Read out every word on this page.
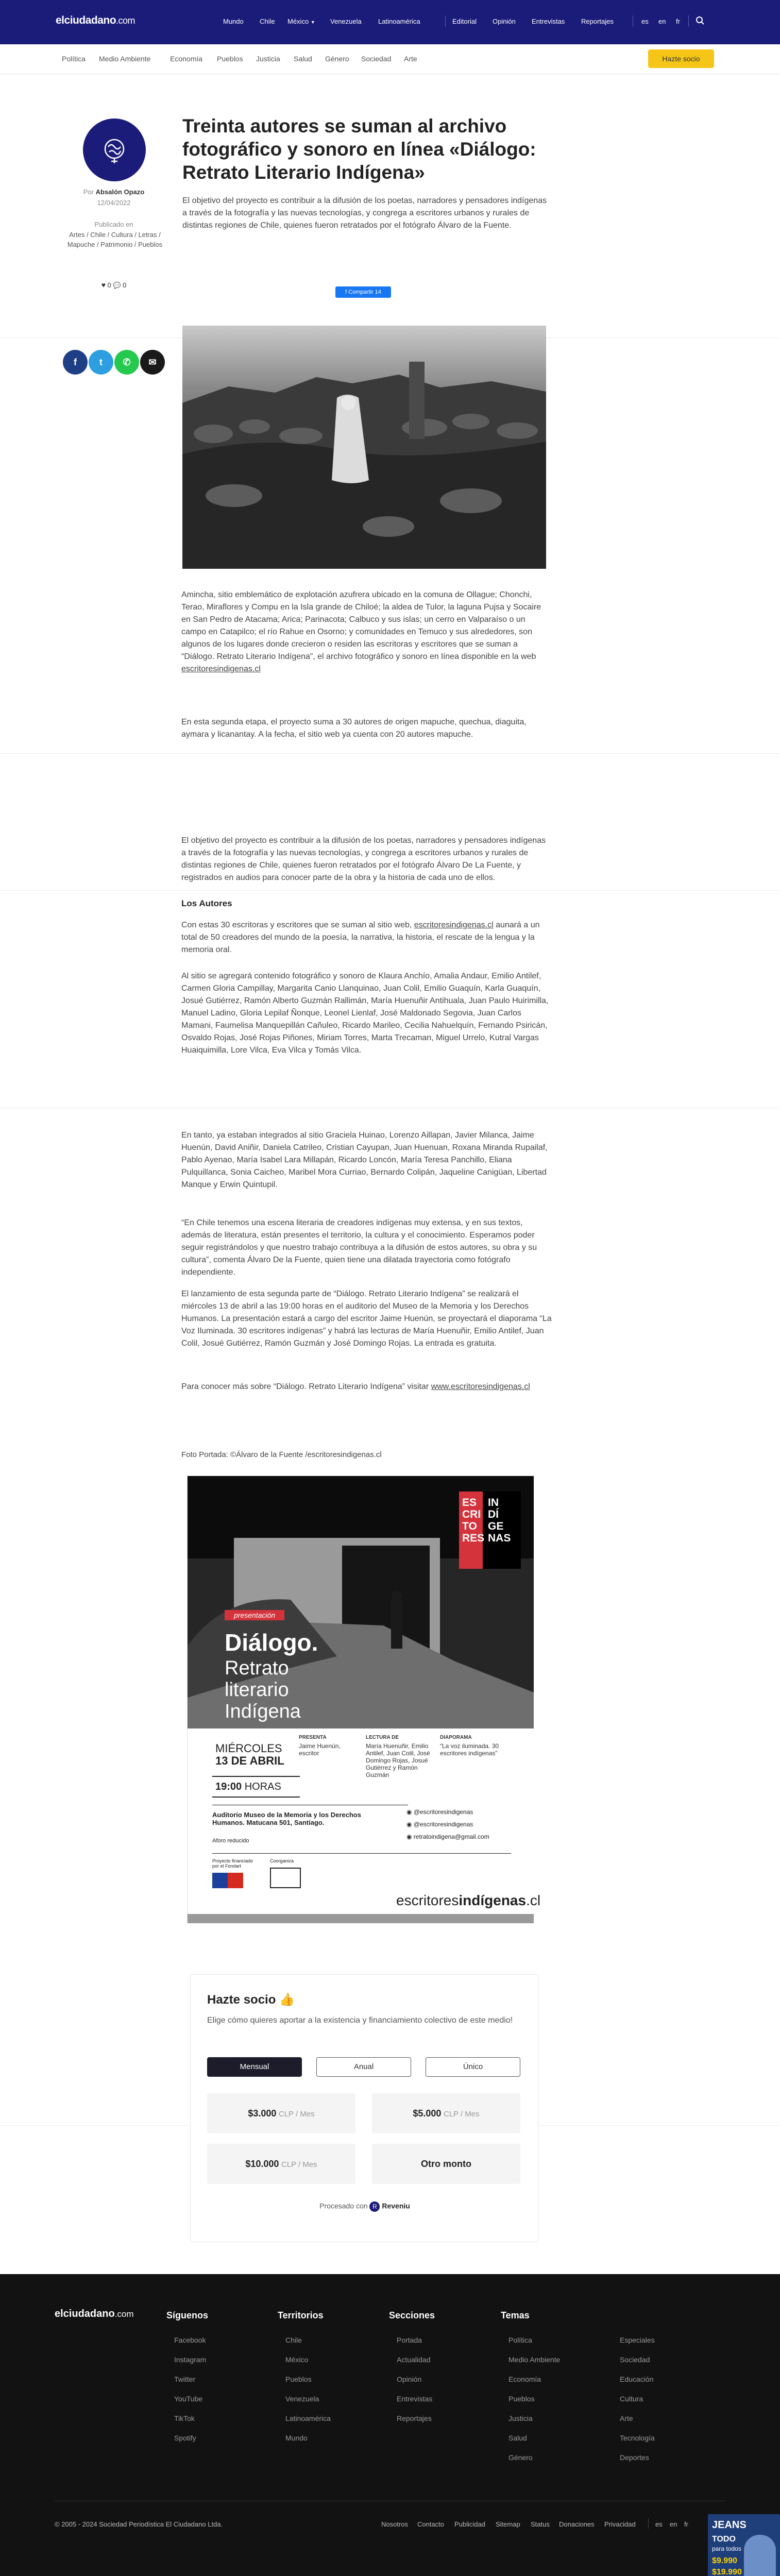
elciudadano.com	Mundo Chile México ▼ Venezuela Latinoamérica	Editorial Opinión Entrevistas Reportajes	es en fr
Política Medio Ambiente	Economía Pueblos Justicia Salud Género Sociedad Arte	Hazte socio
Por Absalón Opazo
12/04/2022
Publicado en
Artes / Chile / Cultura / Letras / Mapuche / Patrimonio / Pueblos
♥ 0 💬 0
Treinta autores se suman al archivo fotográfico y sonoro en línea «Diálogo: Retrato Literario Indígena»

El objetivo del proyecto es contribuir a la difusión de los poetas, narradores y pensadores indígenas a través de la fotografía y las nuevas tecnologías, y congrega a escritores urbanos y rurales de distintas regiones de Chile, quienes fueron retratados por el fotógrafo Álvaro de la Fuente.

f Compartir 14
f	t	✆	✉

Aminchа, sitio emblemático de explotación azufrera ubicado en la comuna de Ollague; Chonchi, Terao, Miraflores y Compu en la Isla grande de Chiloé; la aldea de Tulor, la laguna Pujsa y Socaire en San Pedro de Atacama; Arica; Parinacota; Calbuco y sus islas; un cerro en Valparaíso o un campo en Catapilco; el río Rahue en Osorno; y comunidades en Temuco y sus alrededores, son algunos de los lugares donde crecieron o residen las escritoras y escritores que se suman a “Diálogo. Retrato Literario Indígena”, el archivo fotográfico y sonoro en línea disponible en la web escritoresindigenas.cl

En esta segunda etapa, el proyecto suma a 30 autores de origen mapuche, quechua, diaguita, aymara y licanantay. A la fecha, el sitio web ya cuenta con 20 autores mapuche.

El objetivo del proyecto es contribuir a la difusión de los poetas, narradores y pensadores indígenas a través de la fotografía y las nuevas tecnologías, y congrega a escritores urbanos y rurales de distintas regiones de Chile, quienes fueron retratados por el fotógrafo Álvaro De La Fuente, y registrados en audios para conocer parte de la obra y la historia de cada uno de ellos.

Los Autores

Con estas 30 escritoras y escritores que se suman al sitio web, escritoresindigenas.cl aunará a un total de 50 creadores del mundo de la poesía, la narrativa, la historia, el rescate de la lengua y la memoria oral.

Al sitio se agregará contenido fotográfico y sonoro de Klaura Anchío, Amalia Andaur, Emilio Antilef, Carmen Gloria Campillay, Margarita Canio Llanquinao, Juan Colil, Emilio Guaquín, Karla Guaquín, Josué Gutiérrez, Ramón Alberto Guzmán Rallimán, María Huenuñir Antihuala, Juan Paulo Huirimilla, Manuel Ladino, Gloria Lepilaf Ñonque, Leonel Lienlaf, José Maldonado Segovia, Juan Carlos Mamani, Faumelisa Manquepillán Cañuleo, Ricardo Marileo, Cecilia Nahuelquín, Fernando Psiricán, Osvaldo Rojas, José Rojas Piñones, Miriam Torres, Marta Trecaman, Miguel Urrelo, Kutral Vargas Huaiquimilla, Lore Vilca, Eva Vilca y Tomás Vilca.

En tanto, ya estaban integrados al sitio Graciela Huinao, Lorenzo Aillapan, Javier Milanca, Jaime Huenún, David Aniñir, Daniela Catrileo, Cristian Cayupan, Juan Huenuan, Roxana Miranda Rupailaf, Pablo Ayenao, María Isabel Lara Millapán, Ricardo Loncón, María Teresa Panchillo, Eliana Pulquillanca, Sonia Caicheo, Maribel Mora Curriao, Bernardo Colipán, Jaqueline Canigüan, Libertad Manque y Erwin Quintupil.

“En Chile tenemos una escena literaria de creadores indígenas muy extensa, y en sus textos, además de literatura, están presentes el territorio, la cultura y el conocimiento. Esperamos poder seguir registrándolos y que nuestro trabajo contribuya a la difusión de estos autores, su obra y su cultura”, comenta Álvaro De la Fuente, quien tiene una dilatada trayectoria como fotógrafo independiente.

El lanzamiento de esta segunda parte de “Diálogo. Retrato Literario Indígena” se realizará el miércoles 13 de abril a las 19:00 horas en el auditorio del Museo de la Memoria y los Derechos Humanos. La presentación estará a cargo del escritor Jaime Huenún, se proyectará el diaporama “La Voz Iluminada. 30 escritores indígenas” y habrá las lecturas de María Huenuñir, Emilio Antilef, Juan Colil, Josué Gutiérrez, Ramón Guzmán y José Domingo Rojas. La entrada es gratuita.

Para conocer más sobre “Diálogo. Retrato Literario Indígena” visitar www.escritoresindigenas.cl

Foto Portada: ©Álvaro de la Fuente /escritoresindigenas.cl

ES
CRI
TO
RES
IN
DÍ
GE
NAS
presentación
Diálogo.
Retrato literario
Indígena
MIÉRCOLES
13 DE ABRIL
19:00 HORAS
PRESENTA
Jaime Huenún, escritor
LECTURA DE
María Huenuñir, Emilio Antilef, Juan Colil, José Domingo Rojas, Josué Gutiérrez y Ramón Guzmán
DIAPORAMA
“La voz iluminada. 30 escritores indígenas”
Auditorio Museo de la Memoria y los Derechos Humanos. Matucana 501, Santiago.
Aforo reducido
◉ @escritoresindigenas
◉ @escritoresindigenas
◉ retratoindigena@gmail.com
Proyecto financiado por el Fondart
Coorganiza
escritoresindígenas.cl
Hazte socio 👍
Elige cómo quieres aportar a la existencia y financiamiento colectivo de este medio!
Mensual	Anual	Único
$3.000 CLP / Mes	$5.000 CLP / Mes
$10.000 CLP / Mes	Otro monto
Procesado con R Reveniu
elciudadano.com	Síguenos
Facebook
Instagram
Twitter
YouTube
TikTok
Spotify
Territorios
Chile
México
Pueblos
Venezuela
Latinoamérica
Mundo
Secciones
Portada
Actualidad
Opinión
Entrevistas
Reportajes
Temas
Política
Medio Ambiente
Economía
Pueblos
Justicia
Salud
Género
Especiales
Sociedad
Educación
Cultura
Arte
Tecnología
Deportes
© 2005 - 2024 Sociedad Periodística El Ciudadano Ltda.	Nosotros Contacto Publicidad Sitemap Status Donaciones Privacidad	es en fr JEANS
TODO
para todos
$9.990
$19.990
